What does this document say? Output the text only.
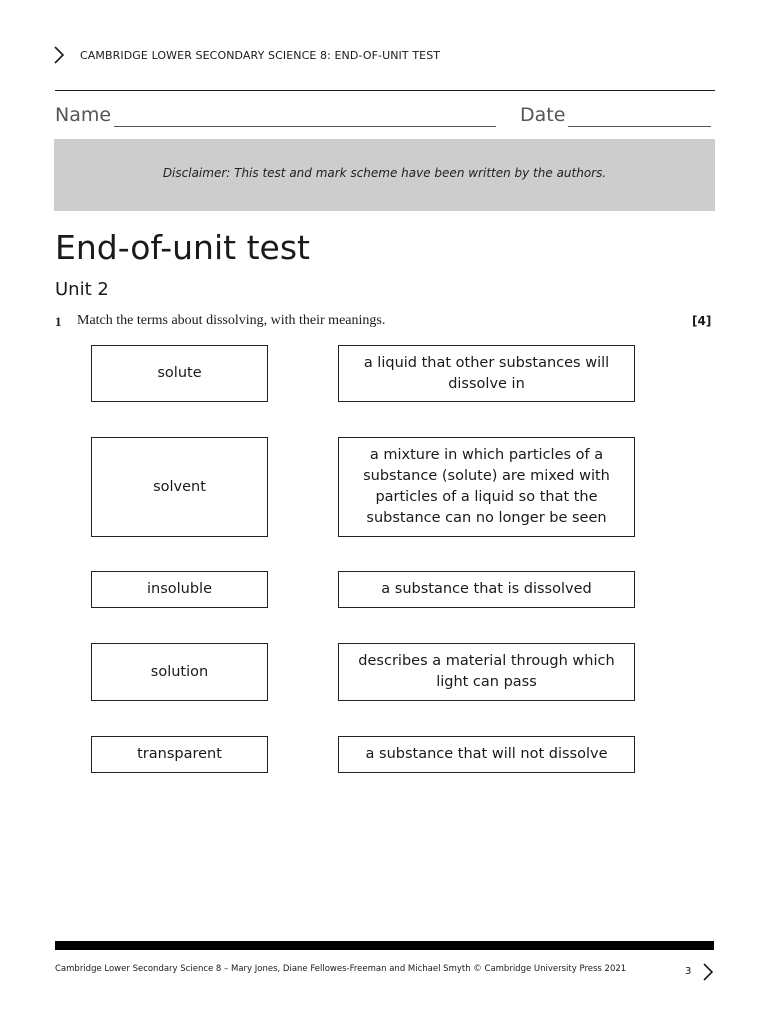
CAMBRIDGE LOWER SECONDARY SCIENCE 8: END-OF-UNIT TEST
Name	Date
Disclaimer: This test and mark scheme have been written by the authors.
End-of-unit test
Unit 2
1 Match the terms about dissolving, with their meanings.	[4]
solute
solvent
insoluble
solution
transparent
a liquid that other substances will dissolve in
a mixture in which particles of a substance (solute) are mixed with particles of a liquid so that the substance can no longer be seen
a substance that is dissolved
describes a material through which light can pass
a substance that will not dissolve
Cambridge Lower Secondary Science 8 – Mary Jones, Diane Fellowes-Freeman and Michael Smyth © Cambridge University Press 2021	3
